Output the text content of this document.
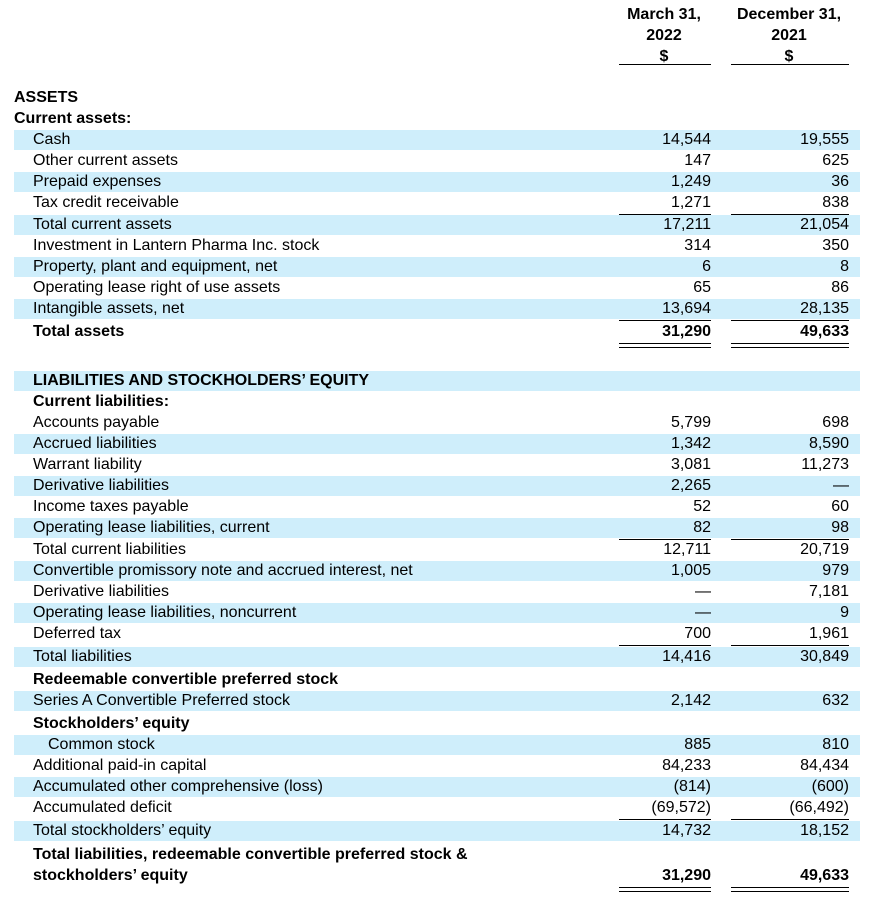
March 31,
2022
$
December 31,
2021
$
ASSETS
Current assets:
Cash	14,544	19,555
Other current assets	147	625
Prepaid expenses	1,249	36
Tax credit receivable	1,271	838
Total current assets	17,211	21,054
Investment in Lantern Pharma Inc. stock	314	350
Property, plant and equipment, net	6	8
Operating lease right of use assets	65	86
Intangible assets, net	13,694	28,135
Total assets	31,290	49,633
LIABILITIES AND STOCKHOLDERS’ EQUITY
Current liabilities:
Accounts payable	5,799	698
Accrued liabilities	1,342	8,590
Warrant liability	3,081	11,273
Derivative liabilities	2,265	—
Income taxes payable	52	60
Operating lease liabilities, current	82	98
Total current liabilities	12,711	20,719
Convertible promissory note and accrued interest, net	1,005	979
Derivative liabilities	—	7,181
Operating lease liabilities, noncurrent	—	9
Deferred tax	700	1,961
Total liabilities	14,416	30,849
Redeemable convertible preferred stock
Series A Convertible Preferred stock	2,142	632
Stockholders’ equity
Common stock	885	810
Additional paid-in capital	84,233	84,434
Accumulated other comprehensive (loss)	(814)	(600)
Accumulated deficit	(69,572)	(66,492)
Total stockholders’ equity	14,732	18,152
Total liabilities, redeemable convertible preferred stock &
stockholders’ equity	31,290	49,633
